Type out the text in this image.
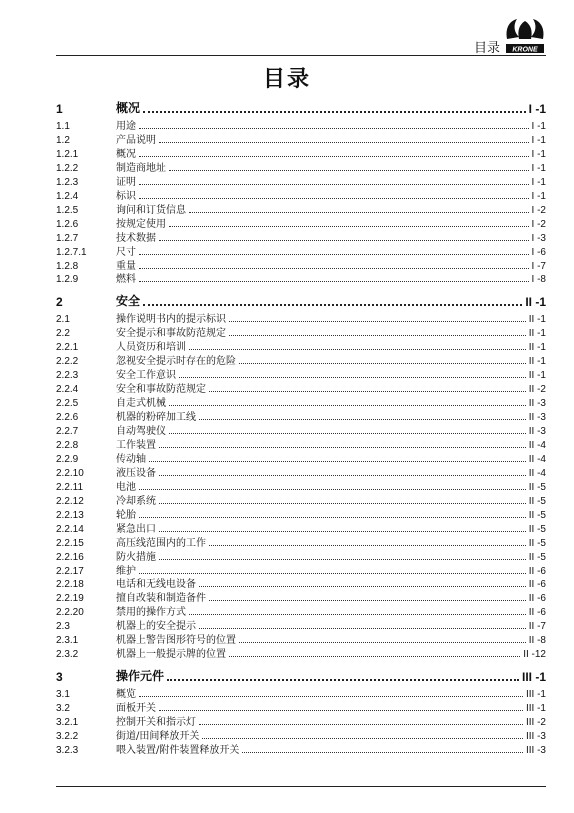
目录 KRONE
目录
1	概况	I -1
1.1	用途	I -1
1.2	产品说明	I -1
1.2.1	概况	I -1
1.2.2	制造商地址	I -1
1.2.3	证明	I -1
1.2.4	标识	I -1
1.2.5	询问和订货信息	I -2
1.2.6	按规定使用	I -2
1.2.7	技术数据	I -3
1.2.7.1	尺寸	I -6
1.2.8	重量	I -7
1.2.9	燃料	I -8
2	安全	II -1
2.1	操作说明书内的提示标识	II -1
2.2	安全提示和事故防范规定	II -1
2.2.1	人员资历和培训	II -1
2.2.2	忽视安全提示时存在的危险	II -1
2.2.3	安全工作意识	II -1
2.2.4	安全和事故防范规定	II -2
2.2.5	自走式机械	II -3
2.2.6	机器的粉碎加工线	II -3
2.2.7	自动驾驶仪	II -3
2.2.8	工作装置	II -4
2.2.9	传动轴	II -4
2.2.10	液压设备	II -4
2.2.11	电池	II -5
2.2.12	冷却系统	II -5
2.2.13	轮胎	II -5
2.2.14	紧急出口	II -5
2.2.15	高压线范围内的工作	II -5
2.2.16	防火措施	II -5
2.2.17	维护	II -6
2.2.18	电话和无线电设备	II -6
2.2.19	擅自改装和制造备件	II -6
2.2.20	禁用的操作方式	II -6
2.3	机器上的安全提示	II -7
2.3.1	机器上警告图形符号的位置	II -8
2.3.2	机器上一般提示牌的位置	II -12
3	操作元件	III -1
3.1	概览	III -1
3.2	面板开关	III -1
3.2.1	控制开关和指示灯	III -2
3.2.2	街道/田间释放开关	III -3
3.2.3	喂入装置/附件装置释放开关	III -3
